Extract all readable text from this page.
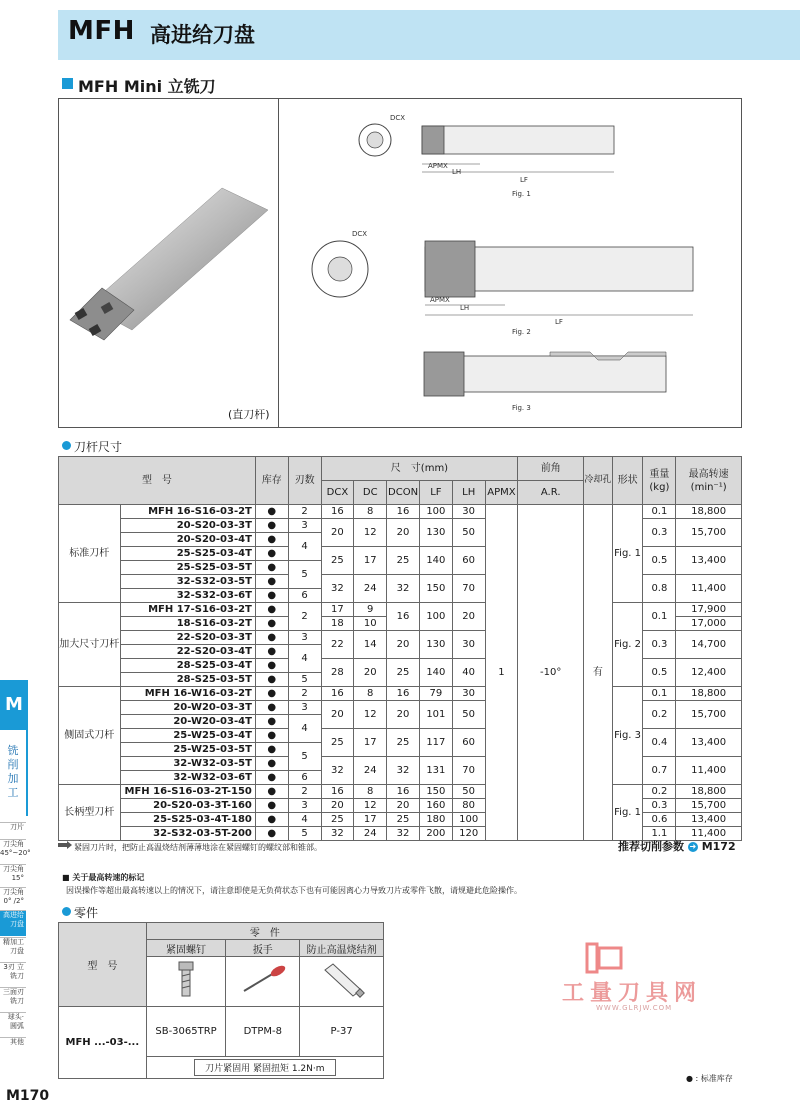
MFH 高进给刀盘
MFH Mini 立铣刀
(直刀杆)
DCX
APMX
LH
LF
Fig. 1
DCX
APMX
LH
LF
Fig. 2
Fig. 3
刀杆尺寸
型　号		库存	刃数	尺　寸(mm)						前角	冷却孔	形状	重量(kg)	最高转速
(min⁻¹)
				DCX	DC	DCON	LF	LH	APMX	A.R.				
标准刀杆	MFH 16-S16-03-2T	●	2	16	8	16	100	30	1	-10°	有	Fig. 1	0.1	18,800
	20-S20-03-3T	●	3	20	12	20	130	50					0.3	15,700
	20-S20-03-4T	●	4											
	25-S25-03-4T	●		25	17	25	140	60					0.5	13,400
	25-S25-03-5T	●	5											
	32-S32-03-5T	●		32	24	32	150	70					0.8	11,400
	32-S32-03-6T	●	6											
加大尺寸刀杆	MFH 17-S16-03-2T	●	2	17	9	16	100	20				Fig. 2	0.1	17,900
	18-S16-03-2T	●		18	10									17,000
	22-S20-03-3T	●	3	22	14	20	130	30					0.3	14,700
	22-S20-03-4T	●	4											
	28-S25-03-4T	●		28	20	25	140	40					0.5	12,400
	28-S25-03-5T	●	5											
侧固式刀杆	MFH 16-W16-03-2T	●	2	16	8	16	79	30				Fig. 3	0.1	18,800
	20-W20-03-3T	●	3	20	12	20	101	50					0.2	15,700
	20-W20-03-4T	●	4											
	25-W25-03-4T	●		25	17	25	117	60					0.4	13,400
	25-W25-03-5T	●	5											
	32-W32-03-5T	●		32	24	32	131	70					0.7	11,400
	32-W32-03-6T	●	6											
长柄型刀杆	MFH 16-S16-03-2T-150	●	2	16	8	16	150	50				Fig. 1	0.2	18,800
	20-S20-03-3T-160	●	3	20	12	20	160	80					0.3	15,700
	25-S25-03-4T-180	●	4	25	17	25	180	100					0.6	13,400
	32-S32-03-5T-200	●	5	32	24	32	200	120					1.1	11,400
紧固刀片时，把防止高温烧结剂薄薄地涂在紧固螺钉的螺纹部和锥部。	推荐切削参数 ➜ M172
■ 关于最高转速的标记
因误操作等超出最高转速以上的情况下，请注意即使是无负荷状态下也有可能因离心力导致刀片或零件飞散，请规避此危险操作。
零件
型　号	零　件		
	紧固螺钉	扳手	防止高温烧结剂

MFH ...-03-...	SB-3065TRP	DTPM-8	P-37
	刀片紧固用 紧固扭矩 1.2N·m		
工量刀具网
WWW.GLRJW.COM
M
铣
削
加
工
刀片
刀尖角 45°~20°
刀尖角 15°
刀尖角 0° /2°
高进给 刀盘
精加工 刀盘
3刃 立铣刀
三面刃 铣刀
球头· 圆弧
其他
M170
● : 标准库存
